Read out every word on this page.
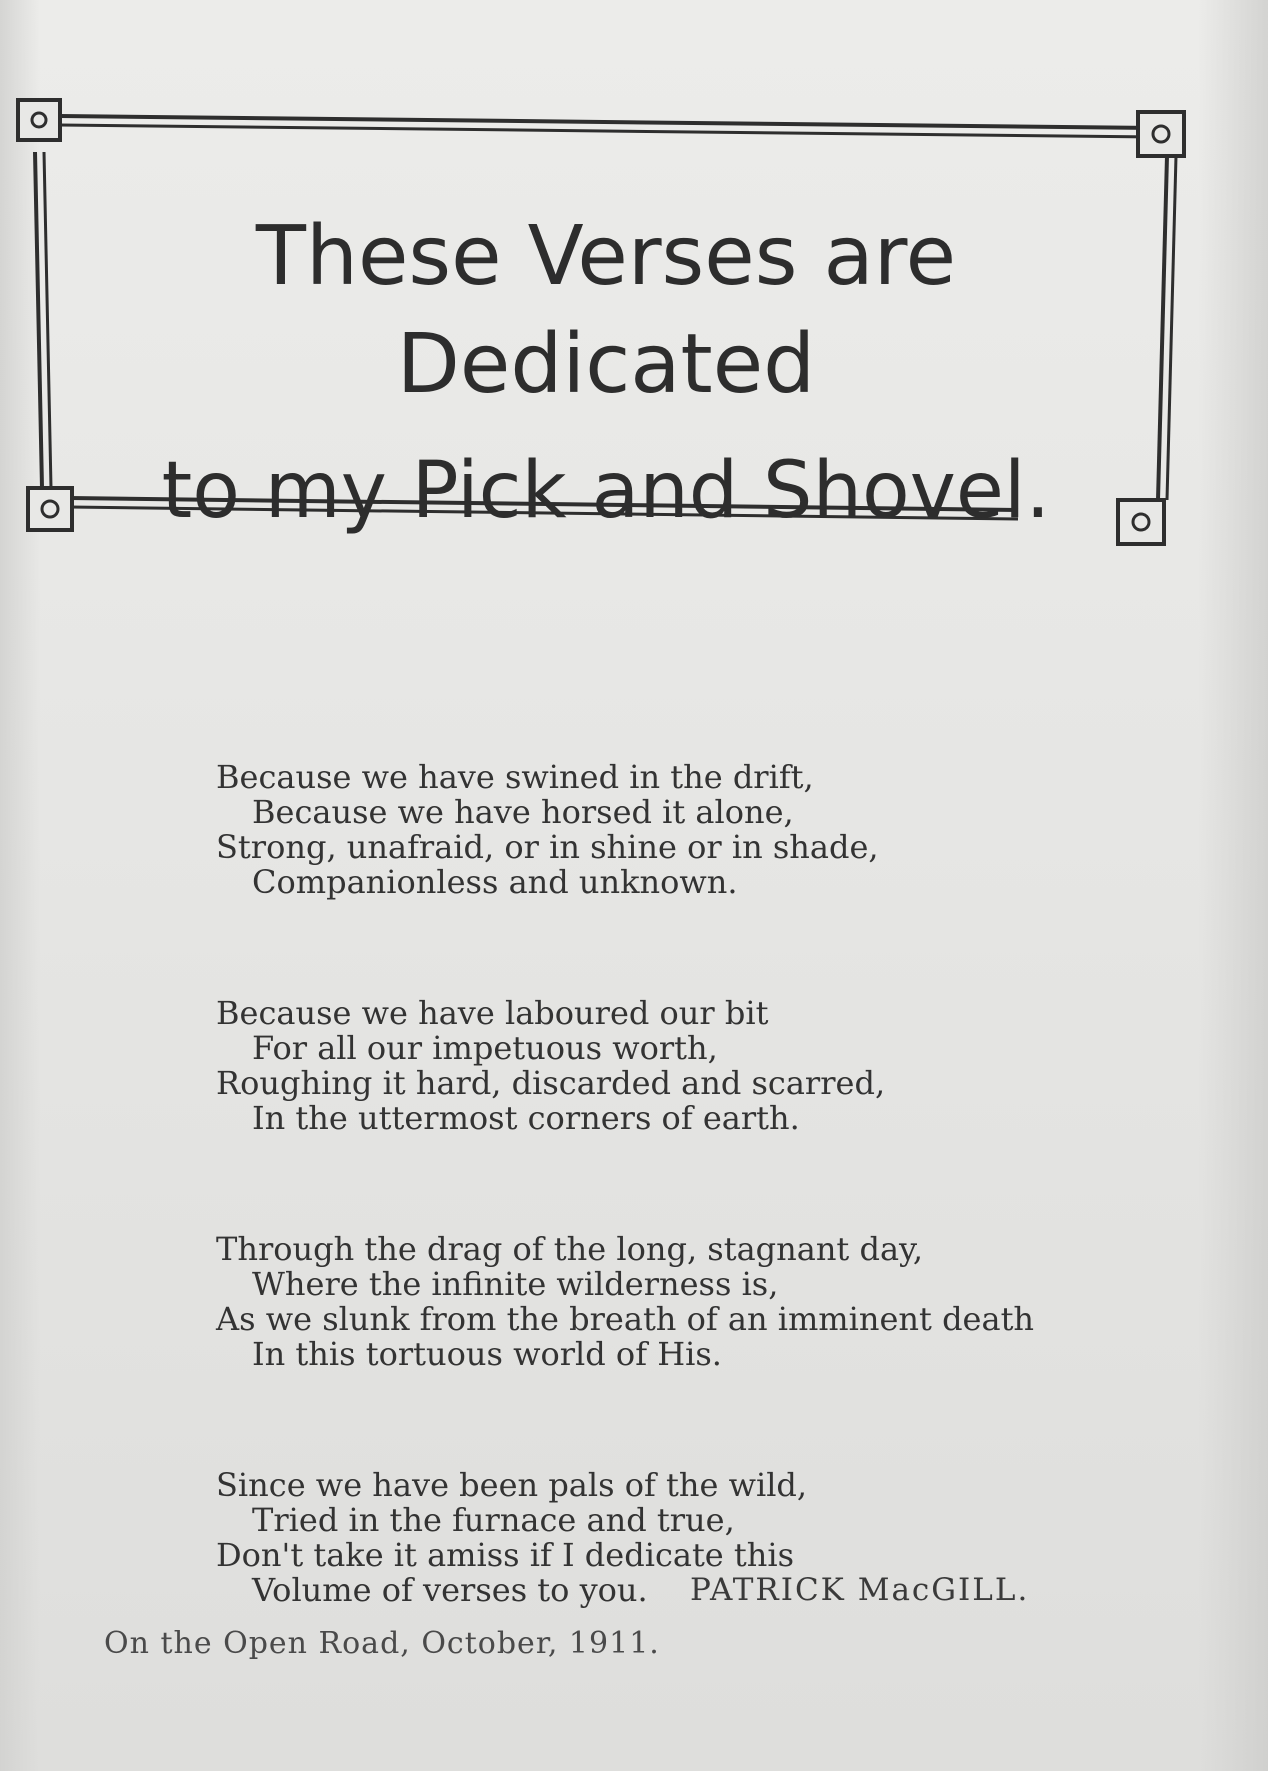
These Verses are Dedicated
to my Pick and Shovel.
Because we have swined in the drift,
Because we have horsed it alone,
Strong, unafraid, or in shine or in shade,
Companionless and unknown.
Because we have laboured our bit
For all our impetuous worth,
Roughing it hard, discarded and scarred,
In the uttermost corners of earth.
Through the drag of the long, stagnant day,
Where the infinite wilderness is,
As we slunk from the breath of an imminent death
In this tortuous world of His.
Since we have been pals of the wild,
Tried in the furnace and true,
Don't take it amiss if I dedicate this
Volume of verses to you.	PATRICK MacGILL.
On the Open Road, October, 1911.
